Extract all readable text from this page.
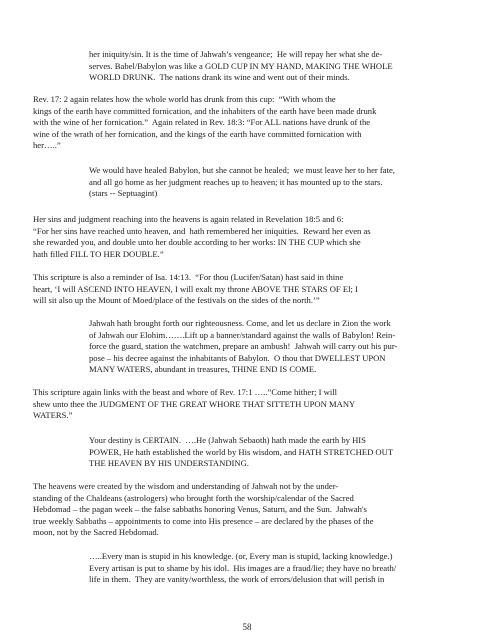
her iniquity/sin. It is the time of Jahwah’s vengeance;  He will repay her what she de-
serves. Babel/Babylon was like a GOLD CUP IN MY HAND, MAKING THE WHOLE
WORLD DRUNK.  The nations drank its wine and went out of their minds.

Rev. 17: 2 again relates how the whole world has drunk from this cup:  “With whom the
kings of the earth have committed fornication, and the inhabiters of the earth have been made drunk
with the wine of her fornication.”  Again related in Rev. 18:3: “For ALL nations have drunk of the
wine of the wrath of her fornication, and the kings of the earth have committed fornication with
her…..”

We would have healed Babylon, but she cannot be healed;  we must leave her to her fate,
and all go home as her judgment reaches up to heaven; it has mounted up to the stars.
(stars -- Septuagint)

Her sins and judgment reaching into the heavens is again related in Revelation 18:5 and 6:
“For her sins have reached unto heaven, and  hath remembered her iniquities.  Reward her even as
she rewarded you, and double unto her double according to her works: IN THE CUP which she
hath filled FILL TO HER DOUBLE.”

This scripture is also a reminder of Isa. 14:13.  “For thou (Lucifer/Satan) hast said in thine
heart, ‘I will ASCEND INTO HEAVEN, I will exalt my throne ABOVE THE STARS OF El; I
will sit also up the Mount of Moed/place of the festivals on the sides of the north.’”

Jahwah hath brought forth our righteousness. Come, and let us declare in Zion the work
of Jahwah our Elohim…….Lift up a banner/standard against the walls of Babylon! Rein-
force the guard, station the watchmen, prepare an ambush!  Jahwah will carry out his pur-
pose – his decree against the inhabitants of Babylon.  O thou that DWELLEST UPON
MANY WATERS, abundant in treasures, THINE END IS COME.

This scripture again links with the beast and whore of Rev. 17:1 …..”Come hither; I will
shew unto thee the JUDGMENT OF THE GREAT WHORE THAT SITTETH UPON MANY
WATERS.”

Your destiny is CERTAIN.  ….He (Jahwah Sebaoth) hath made the earth by HIS
POWER, He hath established the world by His wisdom, and HATH STRETCHED OUT
THE HEAVEN BY HIS UNDERSTANDING.

The heavens were created by the wisdom and understanding of Jahwah not by the under-
standing of the Chaldeans (astrologers) who brought forth the worship/calendar of the Sacred
Hebdomad – the pagan week – the false sabbaths honoring Venus, Saturn, and the Sun.  Jahwah's
true weekly Sabbaths – appointments to come into His presence – are declared by the phases of the
moon, not by the Sacred Hebdomad.

…..Every man is stupid in his knowledge. (or, Every man is stupid, lacking knowledge.)
Every artisan is put to shame by his idol.  His images are a fraud/lie; they have no breath/
life in them.  They are vanity/worthless, the work of errors/delusion that will perish in

58
